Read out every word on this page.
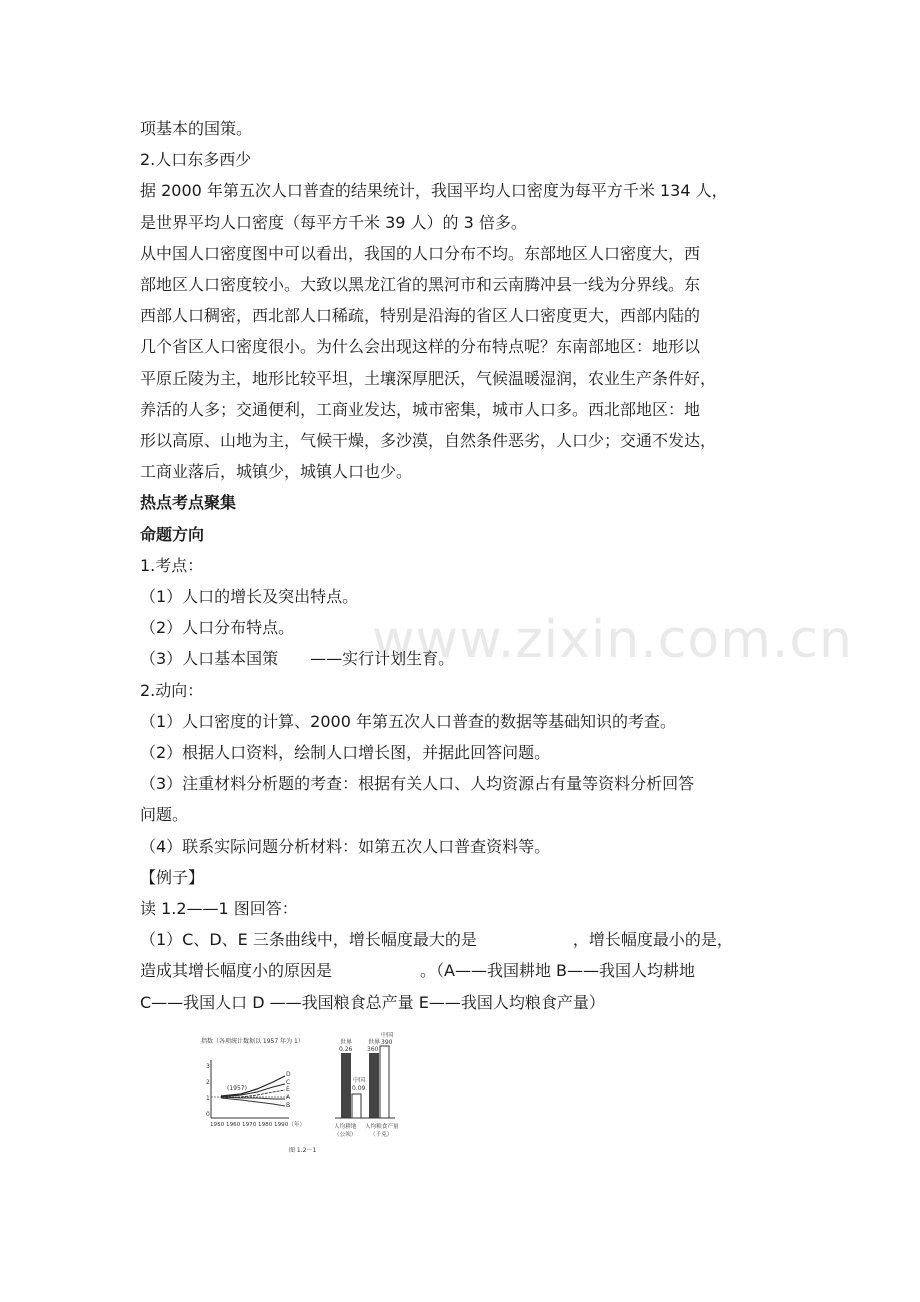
www.zixin.com.cn
项基本的国策。
2.人口东多西少
据 2000 年第五次人口普查的结果统计，我国平均人口密度为每平方千米 134 人，
是世界平均人口密度（每平方千米 39 人）的 3 倍多。
从中国人口密度图中可以看出，我国的人口分布不均。东部地区人口密度大，西
部地区人口密度较小。大致以黑龙江省的黑河市和云南腾冲县一线为分界线。东
西部人口稠密，西北部人口稀疏，特别是沿海的省区人口密度更大，西部内陆的
几个省区人口密度很小。为什么会出现这样的分布特点呢？东南部地区：地形以
平原丘陵为主，地形比较平坦，土壤深厚肥沃，气候温暖湿润，农业生产条件好，
养活的人多；交通便利，工商业发达，城市密集，城市人口多。西北部地区：地
形以高原、山地为主，气候干燥，多沙漠，自然条件恶劣，人口少；交通不发达，
工商业落后，城镇少，城镇人口也少。
热点考点聚集
命题方向
1.考点：
（1）人口的增长及突出特点。
（2）人口分布特点。
（3）人口基本国策　　——实行计划生育。
2.动向：
（1）人口密度的计算、2000 年第五次人口普查的数据等基础知识的考查。
（2）根据人口资料，绘制人口增长图，并据此回答问题。
（3）注重材料分析题的考查：根据有关人口、人均资源占有量等资料分析回答
问题。
（4）联系实际问题分析材料：如第五次人口普查资料等。
【例子】
读 1.2——1 图回答：
（1）C、D、E 三条曲线中，增长幅度最大的是	，增长幅度最小的是，
造成其增长幅度小的原因是	。（A——我国耕地 B——我国人均耕地
C——我国人口 D ——我国粮食总产量 E——我国人均粮食产量）
指数（各项统计数据以 1957 年为 1）
3
2
1
0
(1957)
D
C
E
A
B
1950 1960 1970 1980 1990（年）
世界
0.26
中国
0.09
世界
360
中国
390
人均耕地
（公顷）
人均粮食产量
（千克）
图 1.2－1
